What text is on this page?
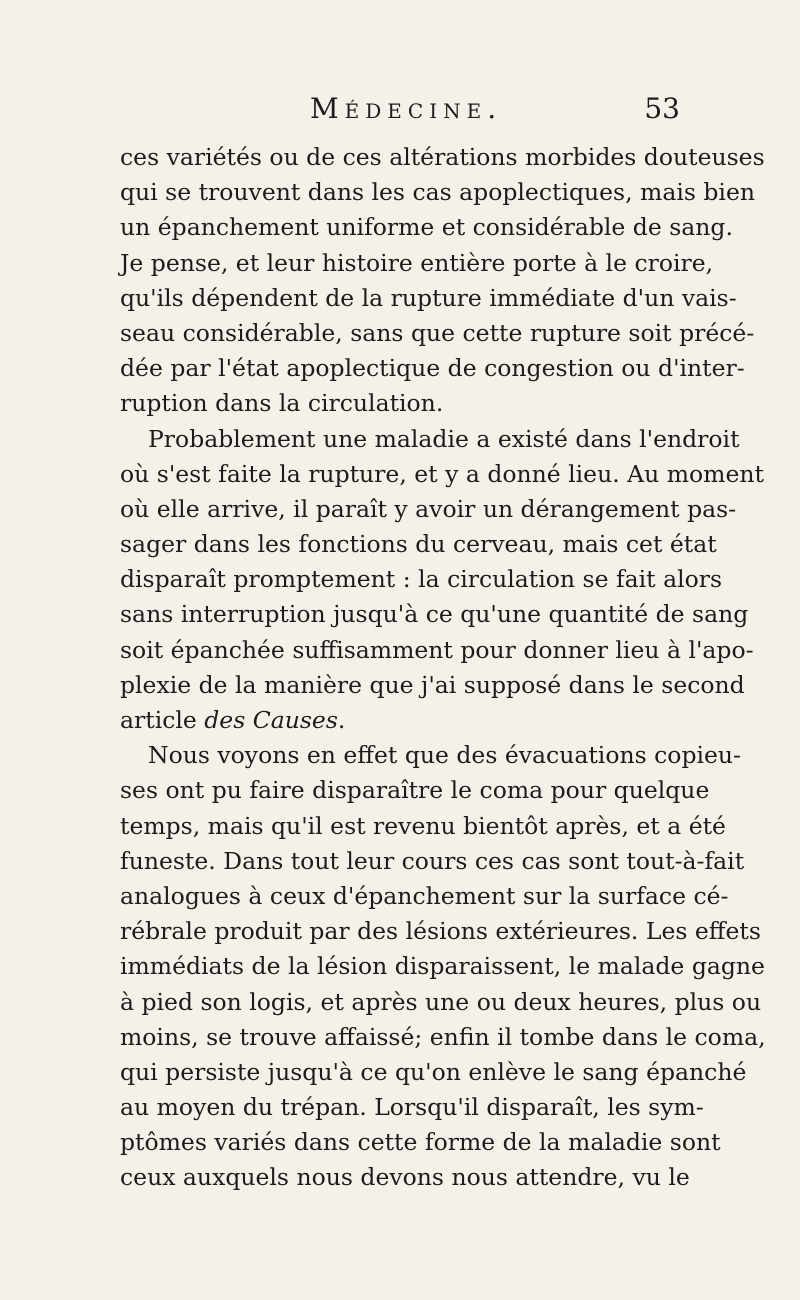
Médecine.	53
ces variétés ou de ces altérations morbides douteuses
qui se trouvent dans les cas apoplectiques, mais bien
un épanchement uniforme et considérable de sang.
Je pense, et leur histoire entière porte à le croire,
qu'ils dépendent de la rupture immédiate d'un vais-
seau considérable, sans que cette rupture soit précé-
dée par l'état apoplectique de congestion ou d'inter-
ruption dans la circulation.
Probablement une maladie a existé dans l'endroit
où s'est faite la rupture, et y a donné lieu. Au moment
où elle arrive, il paraît y avoir un dérangement pas-
sager dans les fonctions du cerveau, mais cet état
disparaît promptement : la circulation se fait alors
sans interruption jusqu'à ce qu'une quantité de sang
soit épanchée suffisamment pour donner lieu à l'apo-
plexie de la manière que j'ai supposé dans le second
article des Causes.
Nous voyons en effet que des évacuations copieu-
ses ont pu faire disparaître le coma pour quelque
temps, mais qu'il est revenu bientôt après, et a été
funeste. Dans tout leur cours ces cas sont tout-à-fait
analogues à ceux d'épanchement sur la surface cé-
rébrale produit par des lésions extérieures. Les effets
immédiats de la lésion disparaissent, le malade gagne
à pied son logis, et après une ou deux heures, plus ou
moins, se trouve affaissé; enfin il tombe dans le coma,
qui persiste jusqu'à ce qu'on enlève le sang épanché
au moyen du trépan. Lorsqu'il disparaît, les sym-
ptômes variés dans cette forme de la maladie sont
ceux auxquels nous devons nous attendre, vu le
